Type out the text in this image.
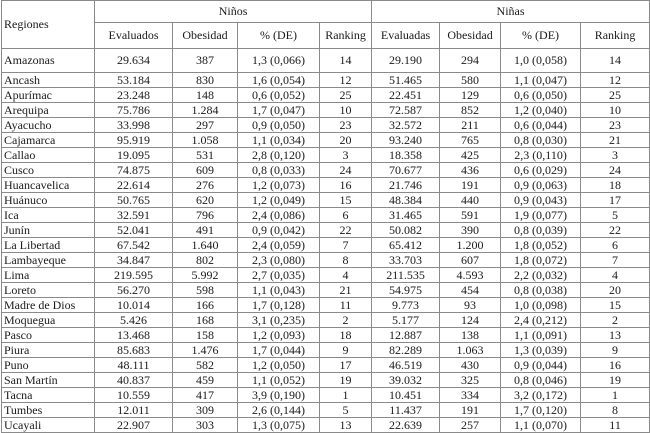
Regiones	Niños				Niñas			
	Evaluados	Obesidad	% (DE)	Ranking	Evaluadas	Obesidad	% (DE)	Ranking
Amazonas	29.634	387	1,3 (0,066)	14	29.190	294	1,0 (0,058)	14
Ancash	53.184	830	1,6 (0,054)	12	51.465	580	1,1 (0,047)	12
Apurímac	23.248	148	0,6 (0,052)	25	22.451	129	0,6 (0,050)	25
Arequipa	75.786	1.284	1,7 (0,047)	10	72.587	852	1,2 (0,040)	10
Ayacucho	33.998	297	0,9 (0,050)	23	32.572	211	0,6 (0,044)	23
Cajamarca	95.919	1.058	1,1 (0,034)	20	93.240	765	0,8 (0,030)	21
Callao	19.095	531	2,8 (0,120)	3	18.358	425	2,3 (0,110)	3
Cusco	74.875	609	0,8 (0,033)	24	70.677	436	0,6 (0,029)	24
Huancavelica	22.614	276	1,2 (0,073)	16	21.746	191	0,9 (0,063)	18
Huánuco	50.765	620	1,2 (0,049)	15	48.384	440	0,9 (0,043)	17
Ica	32.591	796	2,4 (0,086)	6	31.465	591	1,9 (0,077)	5
Junín	52.041	491	0,9 (0,042)	22	50.082	390	0,8 (0,039)	22
La Libertad	67.542	1.640	2,4 (0,059)	7	65.412	1.200	1,8 (0,052)	6
Lambayeque	34.847	802	2,3 (0,080)	8	33.703	607	1,8 (0,072)	7
Lima	219.595	5.992	2,7 (0,035)	4	211.535	4.593	2,2 (0,032)	4
Loreto	56.270	598	1,1 (0,043)	21	54.975	454	0,8 (0,038)	20
Madre de Dios	10.014	166	1,7 (0,128)	11	9.773	93	1,0 (0,098)	15
Moquegua	5.426	168	3,1 (0,235)	2	5.177	124	2,4 (0,212)	2
Pasco	13.468	158	1,2 (0,093)	18	12.887	138	1,1 (0,091)	13
Piura	85.683	1.476	1,7 (0,044)	9	82.289	1.063	1,3 (0,039)	9
Puno	48.111	582	1,2 (0,050)	17	46.519	430	0,9 (0,044)	16
San Martín	40.837	459	1,1 (0,052)	19	39.032	325	0,8 (0,046)	19
Tacna	10.559	417	3,9 (0,190)	1	10.451	334	3,2 (0,172)	1
Tumbes	12.011	309	2,6 (0,144)	5	11.437	191	1,7 (0,120)	8
Ucayali	22.907	303	1,3 (0,075)	13	22.639	257	1,1 (0,070)	11
